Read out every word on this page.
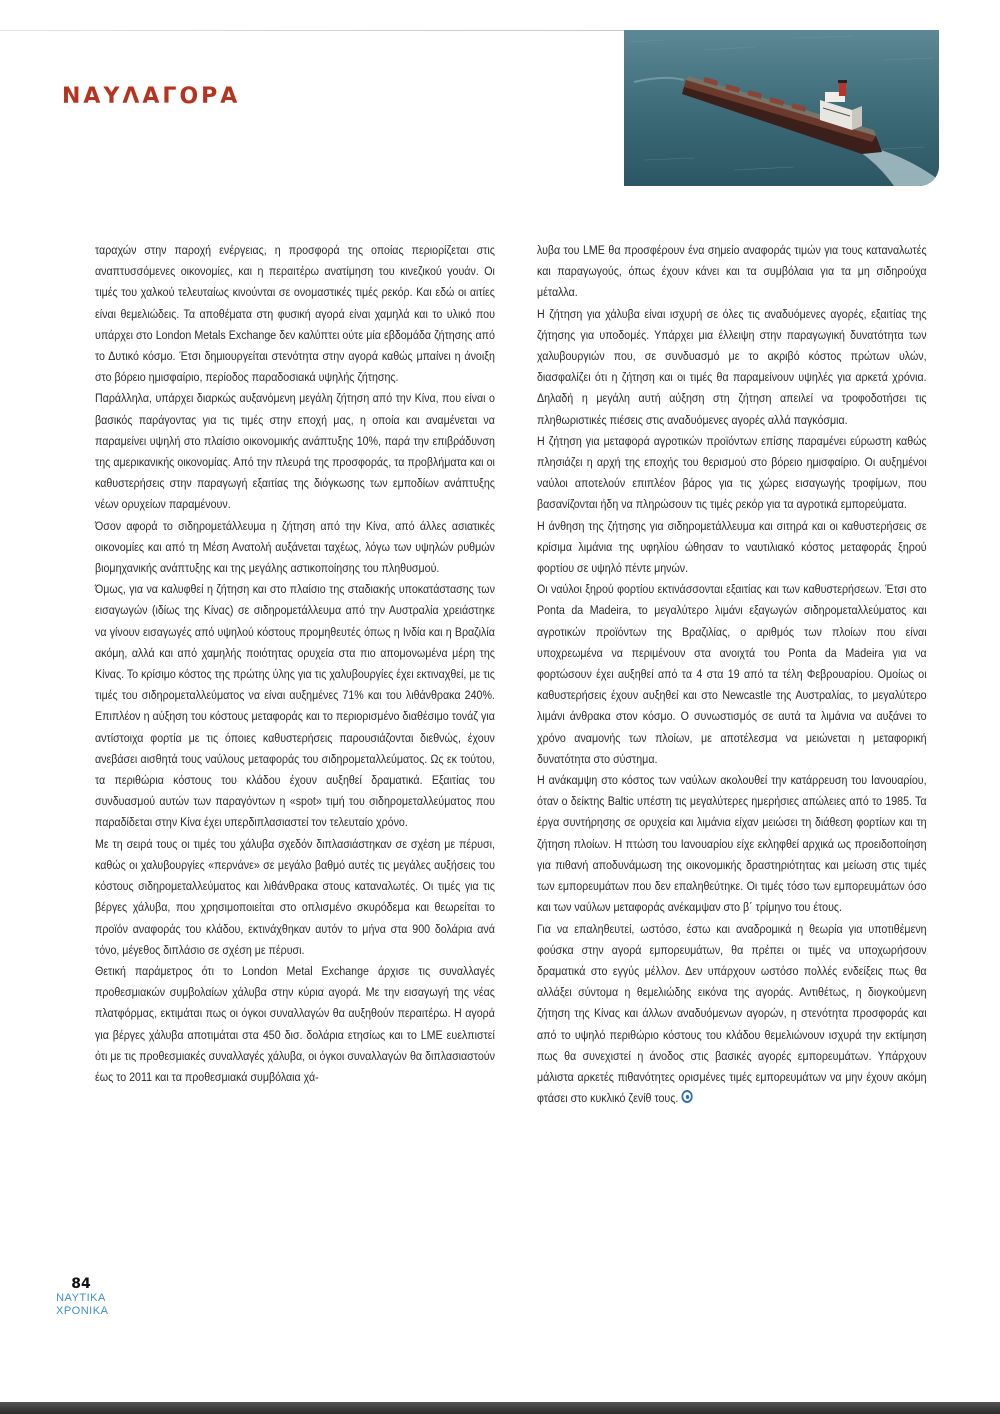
ΝΑΥΛΑΓΟΡΑ

ταραχών στην παροχή ενέργειας, η προσφορά της οποίας περιορίζεται στις αναπτυσσόμενες οικονομίες, και η περαιτέρω ανατίμηση του κινεζικού γουάν. Οι τιμές του χαλκού τελευταίως κινούνται σε ονομαστικές τιμές ρεκόρ. Και εδώ οι αιτίες είναι θεμελιώδεις. Τα αποθέματα στη φυσική αγορά είναι χαμηλά και το υλικό που υπάρχει στο London Metals Exchange δεν καλύπτει ούτε μία εβδομάδα ζήτησης από το Δυτικό κόσμο. Έτσι δημιουργείται στενότητα στην αγορά καθώς μπαίνει η άνοιξη στο βόρειο ημισφαίριο, περίοδος παραδοσιακά υψηλής ζήτησης.

Παράλληλα, υπάρχει διαρκώς αυξανόμενη μεγάλη ζήτηση από την Κίνα, που είναι ο βασικός παράγοντας για τις τιμές στην εποχή μας, η οποία και αναμένεται να παραμείνει υψηλή στο πλαίσιο οικονομικής ανάπτυξης 10%, παρά την επιβράδυνση της αμερικανικής οικονομίας. Από την πλευρά της προσφοράς, τα προβλήματα και οι καθυστερήσεις στην παραγωγή εξαιτίας της διόγκωσης των εμποδίων ανάπτυξης νέων ορυχείων παραμένουν.

Όσον αφορά το σιδηρομετάλλευμα η ζήτηση από την Κίνα, από άλλες ασιατικές οικονομίες και από τη Μέση Ανατολή αυξάνεται ταχέως, λόγω των υψηλών ρυθμών βιομηχανικής ανάπτυξης και της μεγάλης αστικοποίησης του πληθυσμού.

Όμως, για να καλυφθεί η ζήτηση και στο πλαίσιο της σταδιακής υποκατάστασης των εισαγωγών (ιδίως της Κίνας) σε σιδηρομετάλλευμα από την Αυστραλία χρειάστηκε να γίνουν εισαγωγές από υψηλού κόστους προμηθευτές όπως η Ινδία και η Βραζιλία ακόμη, αλλά και από χαμηλής ποιότητας ορυχεία στα πιο απομονωμένα μέρη της Κίνας. Το κρίσιμο κόστος της πρώτης ύλης για τις χαλυβουργίες έχει εκτιναχθεί, με τις τιμές του σιδηρομεταλλεύματος να είναι αυξημένες 71% και του λιθάνθρακα 240%. Επιπλέον η αύξηση του κόστους μεταφοράς και το περιορισμένο διαθέσιμο τονάζ για αντίστοιχα φορτία με τις όποιες καθυστερήσεις παρουσιάζονται διεθνώς, έχουν ανεβάσει αισθητά τους ναύλους μεταφοράς του σιδηρομεταλλεύματος. Ως εκ τούτου, τα περιθώρια κόστους του κλάδου έχουν αυξηθεί δραματικά. Εξαιτίας του συνδυασμού αυτών των παραγόντων η «spot» τιμή του σιδηρομεταλλεύματος που παραδίδεται στην Κίνα έχει υπερδιπλασιαστεί τον τελευταίο χρόνο.

Με τη σειρά τους οι τιμές του χάλυβα σχεδόν διπλασιάστηκαν σε σχέση με πέρυσι, καθώς οι χαλυβουργίες «περνάνε» σε μεγάλο βαθμό αυτές τις μεγάλες αυξήσεις του κόστους σιδηρομεταλλεύματος και λιθάνθρακα στους καταναλωτές. Οι τιμές για τις βέργες χάλυβα, που χρησιμοποιείται στο οπλισμένο σκυρόδεμα και θεωρείται το προϊόν αναφοράς του κλάδου, εκτινάχθηκαν αυτόν το μήνα στα 900 δολάρια ανά τόνο, μέγεθος διπλάσιο σε σχέση με πέρυσι.

Θετική παράμετρος ότι το London Metal Exchange άρχισε τις συναλλαγές προθεσμιακών συμβολαίων χάλυβα στην κύρια αγορά. Με την εισαγωγή της νέας πλατφόρμας, εκτιμάται πως οι όγκοι συναλλαγών θα αυξηθούν περαιτέρω. Η αγορά για βέργες χάλυβα αποτιμάται στα 450 δισ. δολάρια ετησίως και το LME ευελπιστεί ότι με τις προθεσμιακές συναλλαγές χάλυβα, οι όγκοι συναλλαγών θα διπλασιαστούν έως το 2011 και τα προθεσμιακά συμβόλαια χά-

λυβα του LME θα προσφέρουν ένα σημείο αναφοράς τιμών για τους καταναλωτές και παραγωγούς, όπως έχουν κάνει και τα συμβόλαια για τα μη σιδηρούχα μέταλλα.

Η ζήτηση για χάλυβα είναι ισχυρή σε όλες τις αναδυόμενες αγορές, εξαιτίας της ζήτησης για υποδομές. Υπάρχει μια έλλειψη στην παραγωγική δυνατότητα των χαλυβουργιών που, σε συνδυασμό με το ακριβό κόστος πρώτων υλών, διασφαλίζει ότι η ζήτηση και οι τιμές θα παραμείνουν υψηλές για αρκετά χρόνια. Δηλαδή η μεγάλη αυτή αύξηση στη ζήτηση απειλεί να τροφοδοτήσει τις πληθωριστικές πιέσεις στις αναδυόμενες αγορές αλλά παγκόσμια.

Η ζήτηση για μεταφορά αγροτικών προϊόντων επίσης παραμένει εύρωστη καθώς πλησιάζει η αρχή της εποχής του θερισμού στο βόρειο ημισφαίριο. Οι αυξημένοι ναύλοι αποτελούν επιπλέον βάρος για τις χώρες εισαγωγής τροφίμων, που βασανίζονται ήδη να πληρώσουν τις τιμές ρεκόρ για τα αγροτικά εμπορεύματα.

Η άνθηση της ζήτησης για σιδηρομετάλλευμα και σιτηρά και οι καθυστερήσεις σε κρίσιμα λιμάνια της υφηλίου ώθησαν το ναυτιλιακό κόστος μεταφοράς ξηρού φορτίου σε υψηλό πέντε μηνών.

Οι ναύλοι ξηρού φορτίου εκτινάσσονται εξαιτίας και των καθυστερήσεων. Έτσι στο Ponta da Madeira, το μεγαλύτερο λιμάνι εξαγωγών σιδηρομεταλλεύματος και αγροτικών προϊόντων της Βραζιλίας, ο αριθμός των πλοίων που είναι υποχρεωμένα να περιμένουν στα ανοιχτά του Ponta da Madeira για να φορτώσουν έχει αυξηθεί από τα 4 στα 19 από τα τέλη Φεβρουαρίου. Ομοίως οι καθυστερήσεις έχουν αυξηθεί και στο Newcastle της Αυστραλίας, το μεγαλύτερο λιμάνι άνθρακα στον κόσμο. Ο συνωστισμός σε αυτά τα λιμάνια να αυξάνει το χρόνο αναμονής των πλοίων, με αποτέλεσμα να μειώνεται η μεταφορική δυνατότητα στο σύστημα.

Η ανάκαμψη στο κόστος των ναύλων ακολουθεί την κατάρρευση του Ιανουαρίου, όταν ο δείκτης Baltic υπέστη τις μεγαλύτερες ημερήσιες απώλειες από το 1985. Τα έργα συντήρησης σε ορυχεία και λιμάνια είχαν μειώσει τη διάθεση φορτίων και τη ζήτηση πλοίων. Η πτώση του Ιανουαρίου είχε εκληφθεί αρχικά ως προειδοποίηση για πιθανή αποδυνάμωση της οικονομικής δραστηριότητας και μείωση στις τιμές των εμπορευμάτων που δεν επαληθεύτηκε. Οι τιμές τόσο των εμπορευμάτων όσο και των ναύλων μεταφοράς ανέκαμψαν στο β΄ τρίμηνο του έτους.

Για να επαληθευτεί, ωστόσο, έστω και αναδρομικά η θεωρία για υποτιθέμενη φούσκα στην αγορά εμπορευμάτων, θα πρέπει οι τιμές να υποχωρήσουν δραματικά στο εγγύς μέλλον. Δεν υπάρχουν ωστόσο πολλές ενδείξεις πως θα αλλάξει σύντομα η θεμελιώδης εικόνα της αγοράς. Αντιθέτως, η διογκούμενη ζήτηση της Κίνας και άλλων αναδυόμενων αγορών, η στενότητα προσφοράς και από το υψηλό περιθώριο κόστους του κλάδου θεμελιώνουν ισχυρά την εκτίμηση πως θα συνεχιστεί η άνοδος στις βασικές αγορές εμπορευμάτων. Υπάρχουν μάλιστα αρκετές πιθανότητες ορισμένες τιμές εμπορευμάτων να μην έχουν ακόμη φτάσει στο κυκλικό ζενίθ τους.

84
ΝΑΥΤΙΚΑ
ΧΡΟΝΙΚΑ
